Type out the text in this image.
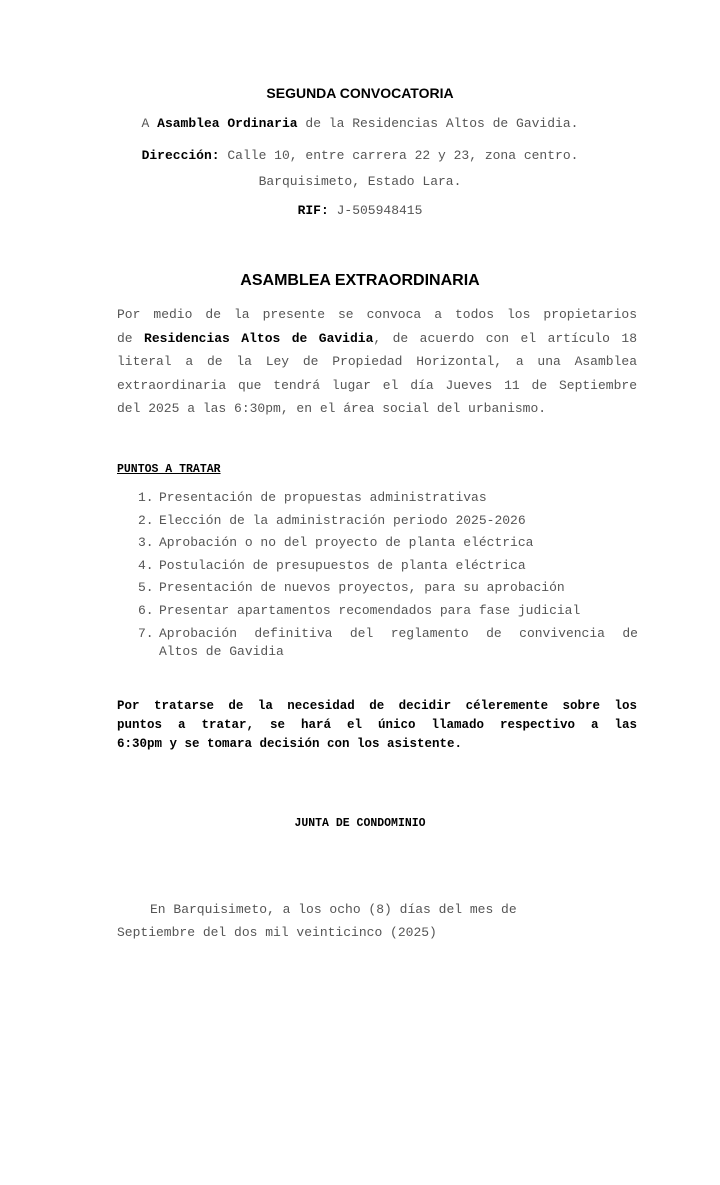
SEGUNDA CONVOCATORIA
A Asamblea Ordinaria de la Residencias Altos de Gavidia.
Dirección: Calle 10, entre carrera 22 y 23, zona centro.
Barquisimeto, Estado Lara.
RIF: J-505948415
ASAMBLEA EXTRAORDINARIA
Por medio de la presente se convoca a todos los propietarios
de Residencias Altos de Gavidia, de acuerdo con el artículo 18
literal a de la Ley de Propiedad Horizontal, a una Asamblea
extraordinaria que tendrá lugar el día Jueves 11 de Septiembre
del 2025 a las 6:30pm, en el área social del urbanismo.
PUNTOS A TRATAR
1. Presentación de propuestas administrativas
2. Elección de la administración periodo 2025-2026
3. Aprobación o no del proyecto de planta eléctrica
4. Postulación de presupuestos de planta eléctrica
5. Presentación de nuevos proyectos, para su aprobación
6. Presentar apartamentos recomendados para fase judicial
7. Aprobación definitiva del reglamento de convivencia de
Altos de Gavidia
Por tratarse de la necesidad de decidir céleremente sobre los
puntos a tratar, se hará el único llamado respectivo a las
6:30pm y se tomara decisión con los asistente.
JUNTA DE CONDOMINIO
En Barquisimeto, a los ocho (8) días del mes de
Septiembre del dos mil veinticinco (2025)
